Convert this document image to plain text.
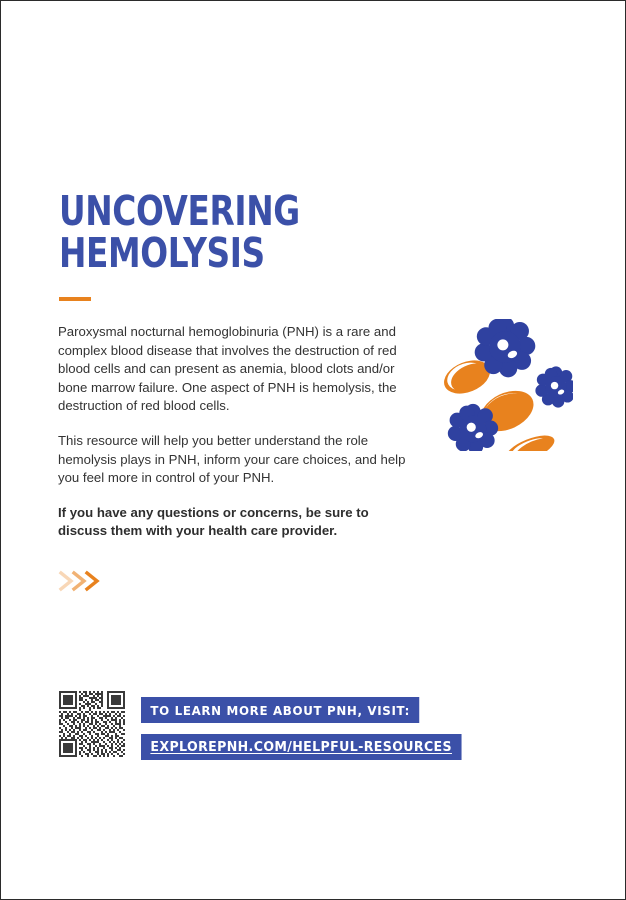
UNCOVERING
HEMOLYSIS

Paroxysmal nocturnal hemoglobinuria (PNH) is a rare and complex blood disease that involves the destruction of red blood cells and can present as anemia, blood clots and/or bone marrow failure. One aspect of PNH is hemolysis, the destruction of red blood cells.

This resource will help you better understand the role hemolysis plays in PNH, inform your care choices, and help you feel more in control of your PNH.

If you have any questions or concerns, be sure to discuss them with your health care provider.

TO LEARN MORE ABOUT PNH, VISIT:
EXPLOREPNH.COM/HELPFUL-RESOURCES
